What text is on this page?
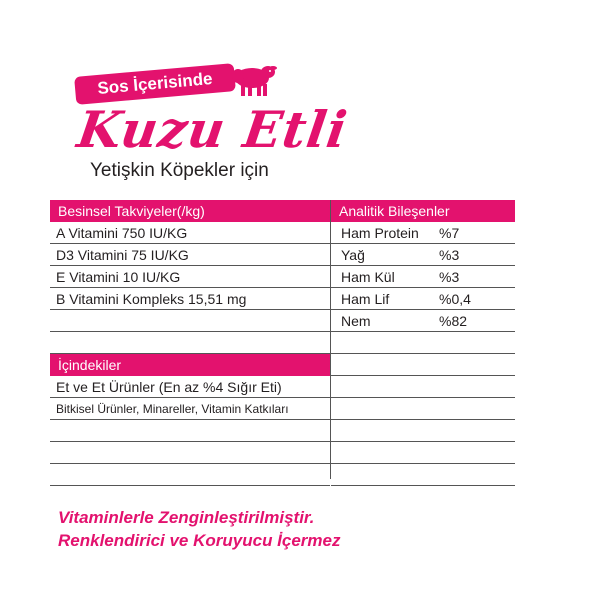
Sos İçerisinde
Kuzu Etli
Yetişkin Köpekler için
Besinsel Takviyeler(/kg)
A Vitamini 750 IU/KG
D3 Vitamini 75 IU/KG
E Vitamini 10 IU/KG
B Vitamini Kompleks 15,51 mg
İçindekiler
Et ve Et Ürünler (En az %4 Sığır Eti)
Bitkisel Ürünler, Minareller, Vitamin Katkıları
Analitik Bileşenler
Ham Protein %7
Yağ	%3
Ham Kül	%3
Ham Lif	%0,4
Nem	%82
Vitaminlerle Zenginleştirilmiştir.
Renklendirici ve Koruyucu İçermez
